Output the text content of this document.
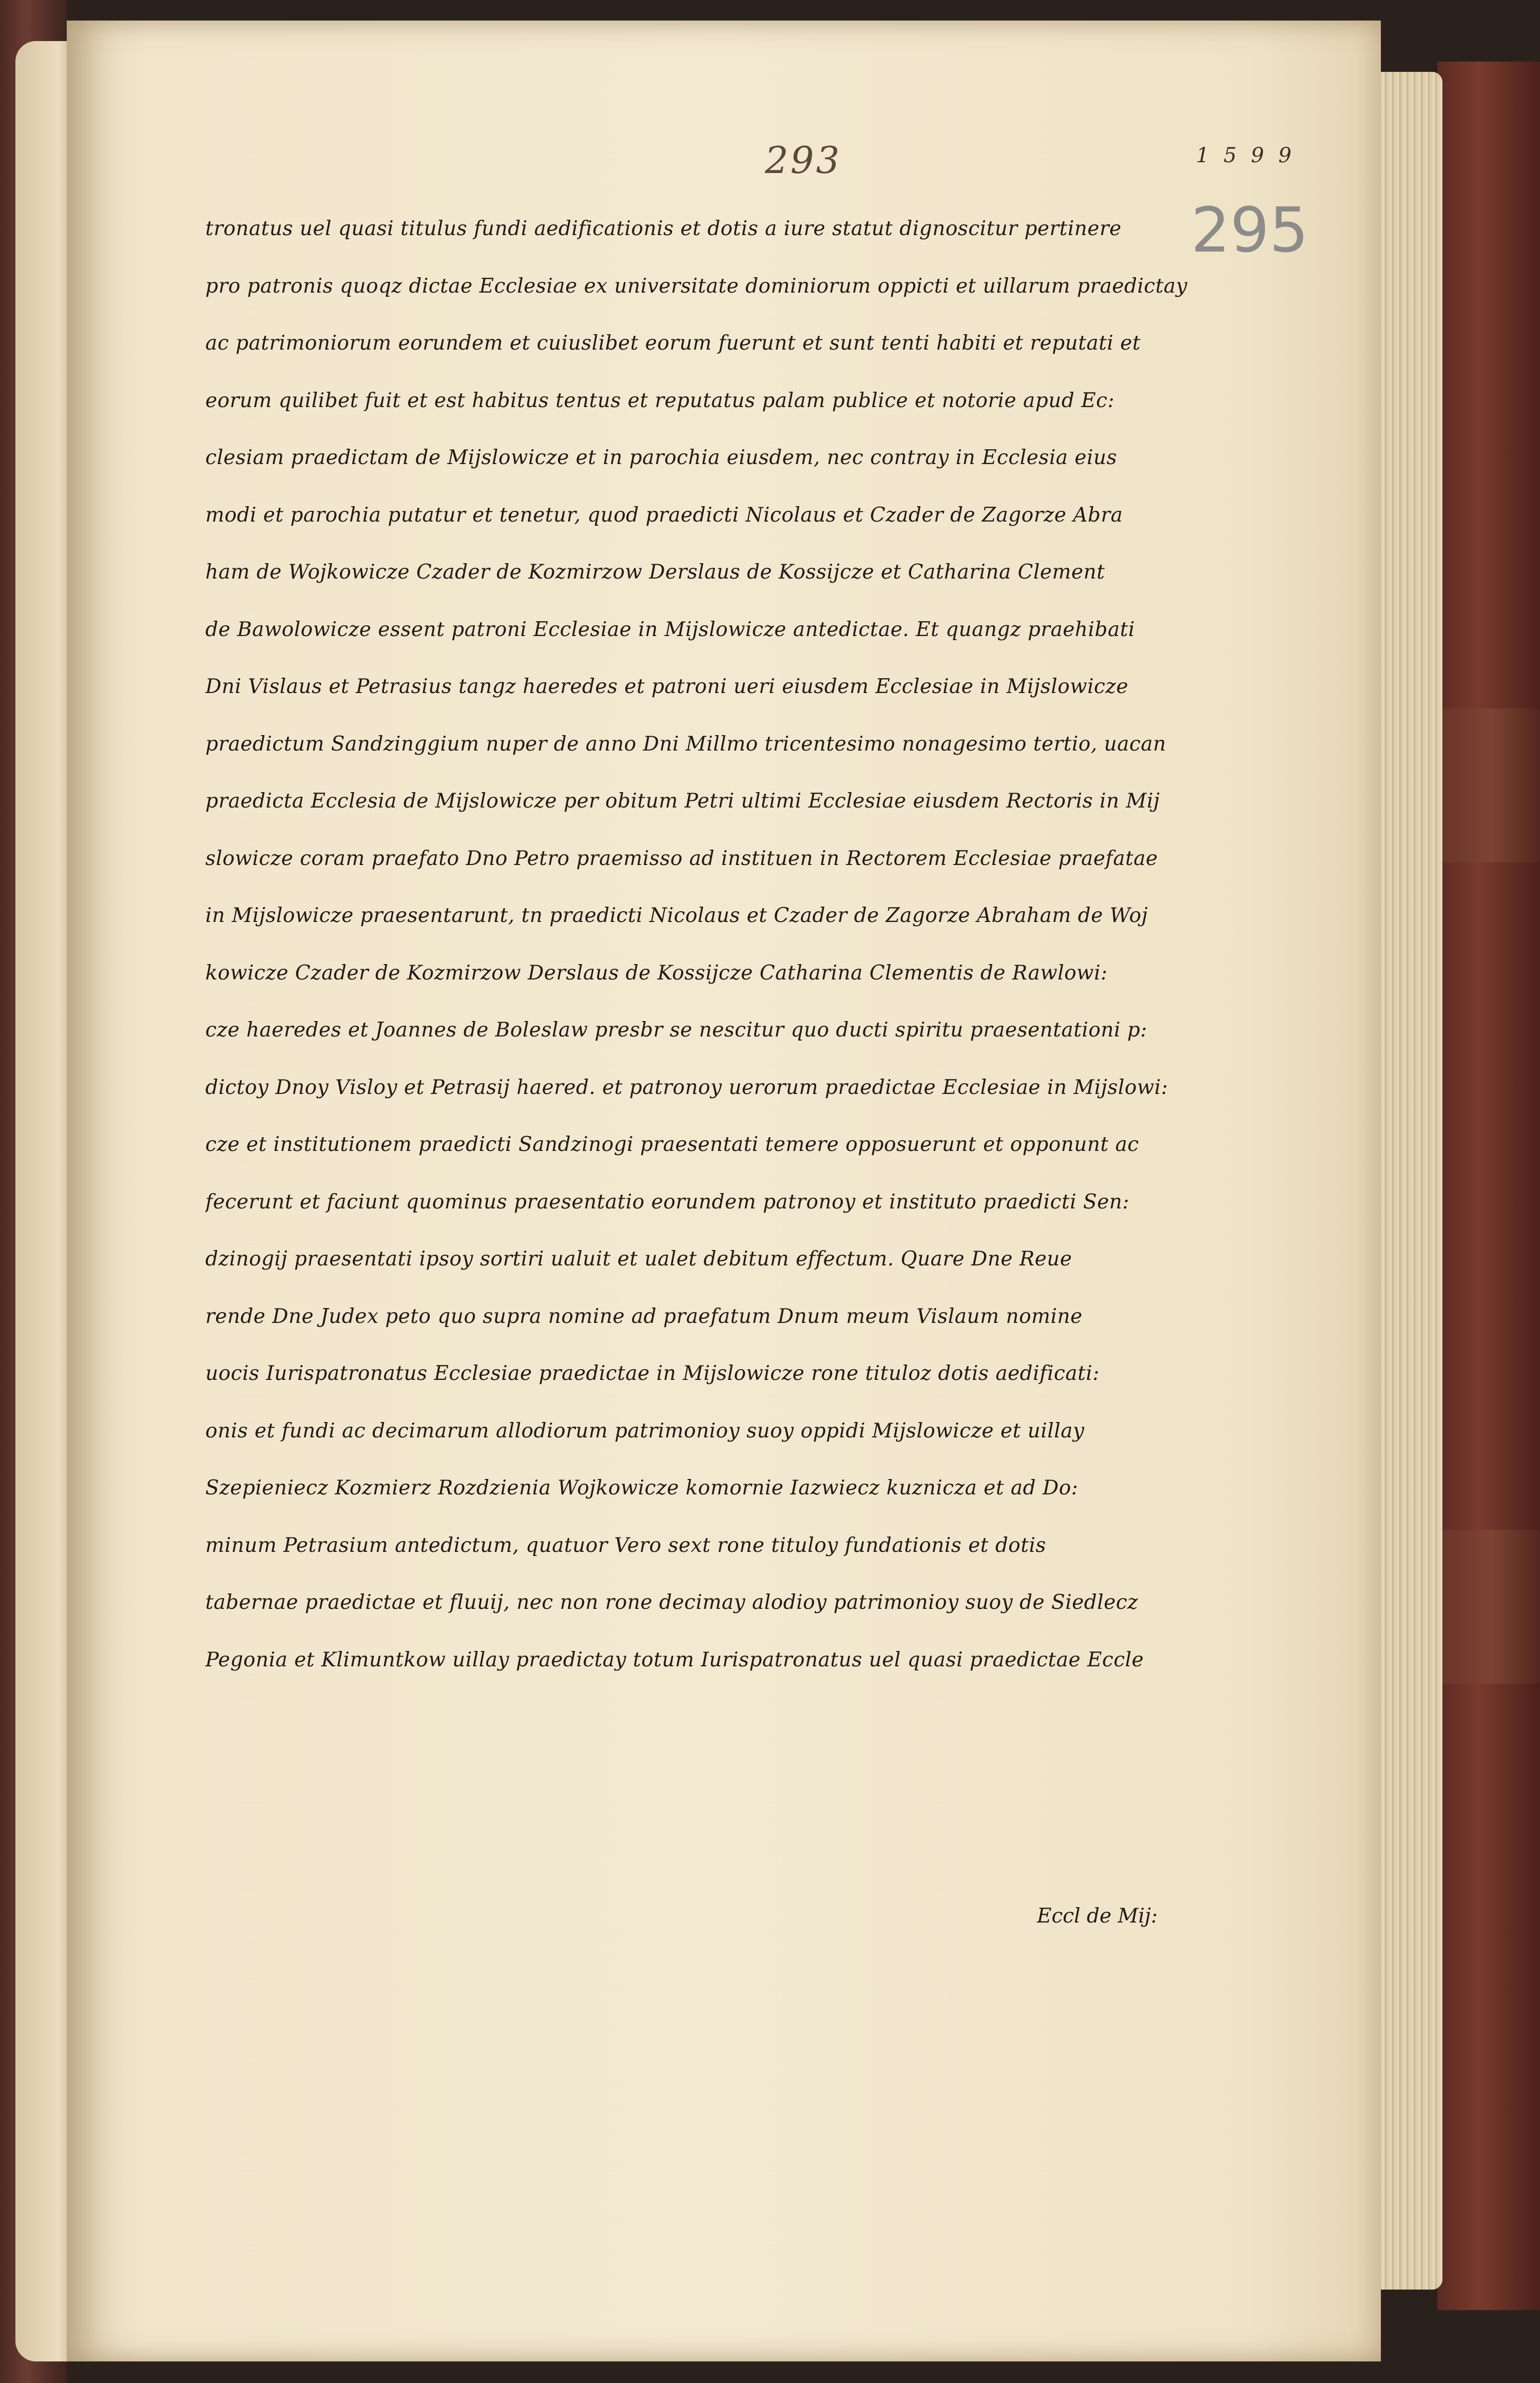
293	1599
295
tronatus uel quasi titulus fundi aedificationis et dotis a iure statut dignoscitur pertinere
pro patronis quoqz dictae Ecclesiae ex universitate dominiorum oppicti et uillarum praedictay
ac patrimoniorum eorundem et cuiuslibet eorum fuerunt et sunt tenti habiti et reputati et
eorum quilibet fuit et est habitus tentus et reputatus palam publice et notorie apud Ec:
clesiam praedictam de Mijslowicze et in parochia eiusdem, nec contray in Ecclesia eius
modi et parochia putatur et tenetur, quod praedicti Nicolaus et Czader de Zagorze Abra
ham de Wojkowicze Czader de Kozmirzow Derslaus de Kossijcze et Catharina Clement
de Bawolowicze essent patroni Ecclesiae in Mijslowicze antedictae. Et quangz praehibati
Dni Vislaus et Petrasius tangz haeredes et patroni ueri eiusdem Ecclesiae in Mijslowicze
praedictum Sandzinggium nuper de anno Dni Millmo tricentesimo nonagesimo tertio, uacan
praedicta Ecclesia de Mijslowicze per obitum Petri ultimi Ecclesiae eiusdem Rectoris in Mij
slowicze coram praefato Dno Petro praemisso ad instituen in Rectorem Ecclesiae praefatae
in Mijslowicze praesentarunt, tn praedicti Nicolaus et Czader de Zagorze Abraham de Woj
kowicze Czader de Kozmirzow Derslaus de Kossijcze Catharina Clementis de Rawlowi:
cze haeredes et Joannes de Boleslaw presbr se nescitur quo ducti spiritu praesentationi p:
dictoy Dnoy Visloy et Petrasij haered. et patronoy uerorum praedictae Ecclesiae in Mijslowi:
cze et institutionem praedicti Sandzinogi praesentati temere opposuerunt et opponunt ac
fecerunt et faciunt quominus praesentatio eorundem patronoy et instituto praedicti Sen:
dzinogij praesentati ipsoy sortiri ualuit et ualet debitum effectum. Quare Dne Reue
rende Dne Judex peto quo supra nomine ad praefatum Dnum meum Vislaum nomine
uocis Iurispatronatus Ecclesiae praedictae in Mijslowicze rone tituloz dotis aedificati:
onis et fundi ac decimarum allodiorum patrimonioy suoy oppidi Mijslowicze et uillay
Szepieniecz Kozmierz Rozdzienia Wojkowicze komornie Iazwiecz kuznicza et ad Do:
minum Petrasium antedictum, quatuor Vero sext rone tituloy fundationis et dotis
tabernae praedictae et fluuij, nec non rone decimay alodioy patrimonioy suoy de Siedlecz
Pegonia et Klimuntkow uillay praedictay totum Iurispatronatus uel quasi praedictae Eccle
Eccl de Mij:
